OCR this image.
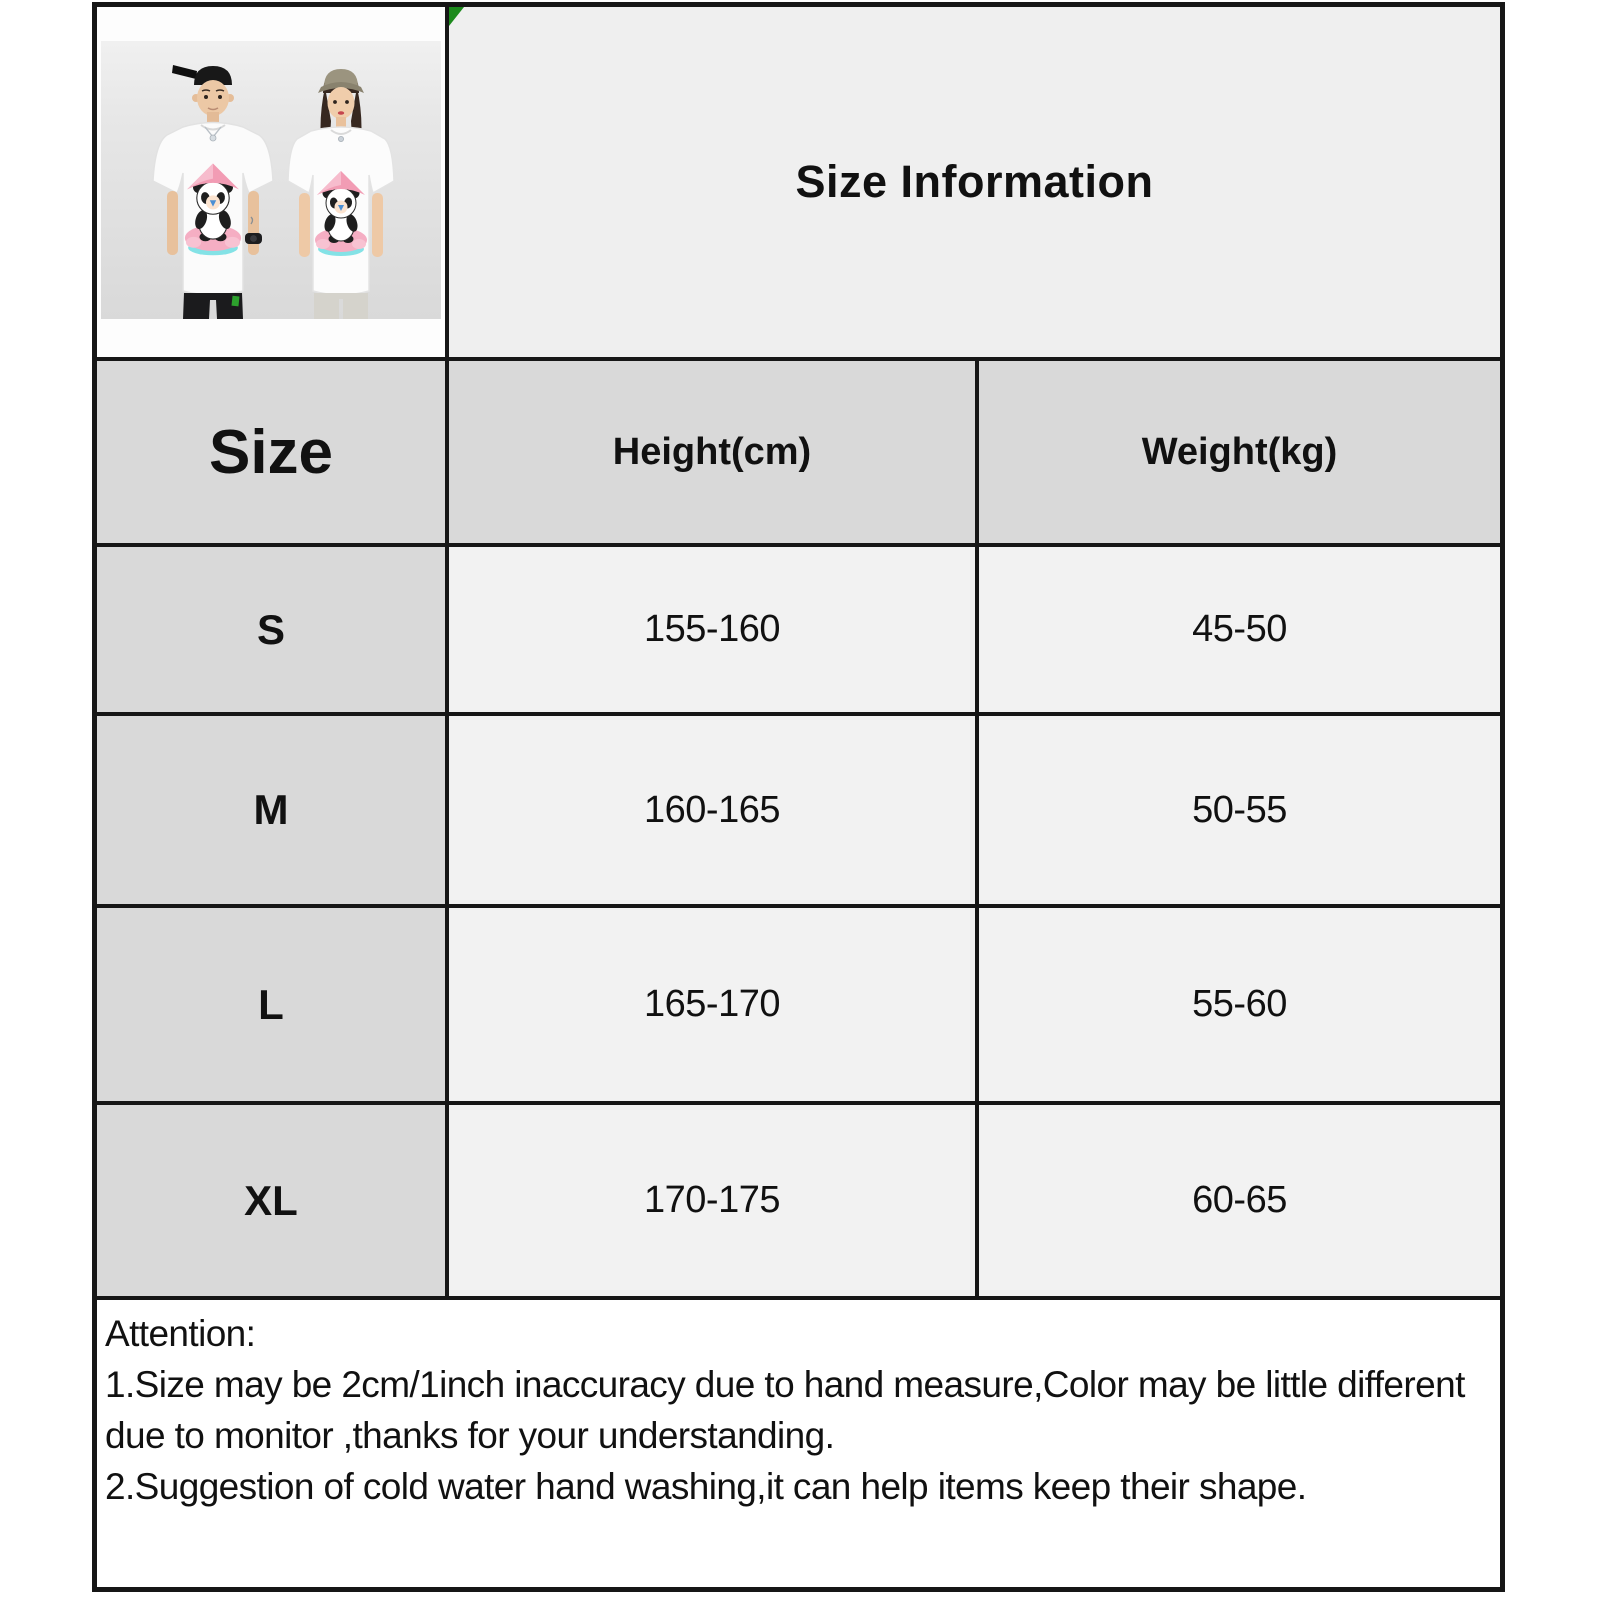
Size Information
Size	Height(cm)	Weight(kg)
S	155-160	45-50
M	160-165	50-55
L	165-170	55-60
XL	170-175	60-65
Attention:
1.Size may be 2cm/1inch inaccuracy due to hand measure,Color may be little different due to monitor ,thanks for your understanding.
2.Suggestion of cold water hand washing,it can help items keep their shape.
